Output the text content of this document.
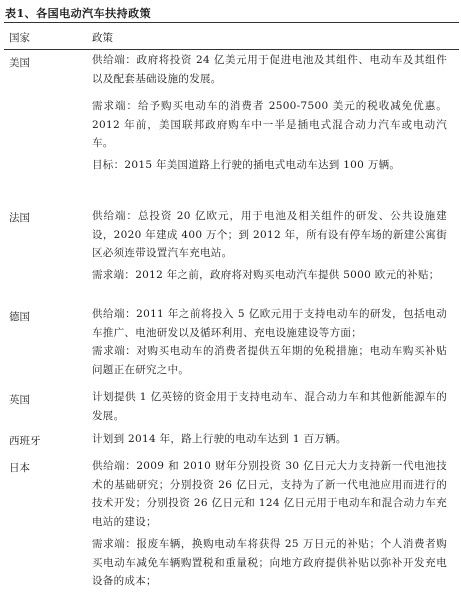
表1、各国电动汽车扶持政策
国家	政策
美国	供给端：政府将投资 24 亿美元用于促进电池及其组件、电动车及其组件以及配套基础设施的发展。
需求端：给予购买电动车的消费者 2500-7500 美元的税收减免优惠。2012 年前，美国联邦政府购车中一半是插电式混合动力汽车或电动汽车。
目标：2015 年美国道路上行驶的插电式电动车达到 100 万辆。
法国	供给端：总投资 20 亿欧元，用于电池及相关组件的研发、公共设施建设，2020 年建成 400 万个；到 2012 年，所有设有停车场的新建公寓街区必须连带设置汽车充电站。
需求端：2012 年之前，政府将对购买电动汽车提供 5000 欧元的补贴；
德国	供给端：2011 年之前将投入 5 亿欧元用于支持电动车的研发，包括电动车推广、电池研发以及循环利用、充电设施建设等方面；
需求端：对购买电动车的消费者提供五年期的免税措施；电动车购买补贴问题正在研究之中。
英国	计划提供 1 亿英镑的资金用于支持电动车、混合动力车和其他新能源车的发展。
西班牙	计划到 2014 年，路上行驶的电动车达到 1 百万辆。
日本	供给端：2009 和 2010 财年分别投资 30 亿日元大力支持新一代电池技术的基础研究；分别投资 26 亿日元，支持为了新一代电池应用而进行的技术开发；分别投资 26 亿日元和 124 亿日元用于电动车和混合动力车充电站的建设；
需求端：报废车辆，换购电动车将获得 25 万日元的补贴；个人消费者购买电动车减免车辆购置税和重量税；向地方政府提供补贴以弥补开发充电设备的成本；
